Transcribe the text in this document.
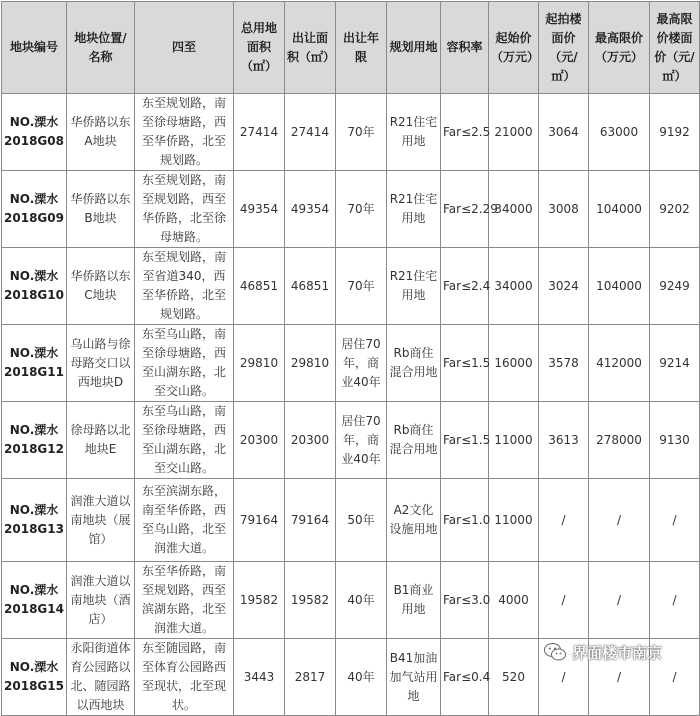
地块编号	地块位置/名称	四至	总用地面积（㎡）	出让面积（㎡）	出让年限	规划用地	容积率	起始价（万元）	起拍楼面价（元/㎡）	最高限价（万元）	最高限价楼面价（元/㎡）
NO.溧水2018G08	华侨路以东A地块	东至规划路，南至徐母塘路，西至华侨路，北至规划路。	27414	27414	70年	R21住宅用地	Far≤2.5	21000	3064	63000	9192
NO.溧水2018G09	华侨路以东B地块	东至规划路，南至规划路，西至华侨路，北至徐母塘路。	49354	49354	70年	R21住宅用地	Far≤2.29	34000	3008	104000	9202
NO.溧水2018G10	华侨路以东C地块	东至规划路，南至省道340，西至华侨路，北至规划路。	46851	46851	70年	R21住宅用地	Far≤2.4	34000	3024	104000	9249
NO.溧水2018G11	乌山路与徐母路交口以西地块D	东至乌山路，南至徐母塘路，西至山湖东路，北至交山路。	29810	29810	居住70年，商业40年	Rb商住混合用地	Far≤1.5	16000	3578	412000	9214
NO.溧水2018G12	徐母路以北地块E	东至乌山路，南至徐母塘路，西至山湖东路，北至交山路。	20300	20300	居住70年，商业40年	Rb商住混合用地	Far≤1.5	11000	3613	278000	9130
NO.溧水2018G13	润淮大道以南地块（展馆）	东至滨湖东路，南至华侨路，西至乌山路，北至润淮大道。	79164	79164	50年	A2文化设施用地	Far≤1.0	11000	/	/	/
NO.溧水2018G14	润淮大道以南地块（酒店）	东至华侨路，南至规划路，西至滨湖东路，北至润淮大道。	19582	19582	40年	B1商业用地	Far≤3.0	4000	/	/	/
NO.溧水2018G15	永阳街道体育公园路以北、随园路以西地块	东至随园路，南至体育公园路西至现状，北至现状。	3443	2817	40年	B41加油加气站用地	Far≤0.4	520	/	/	/
界面楼市南京
